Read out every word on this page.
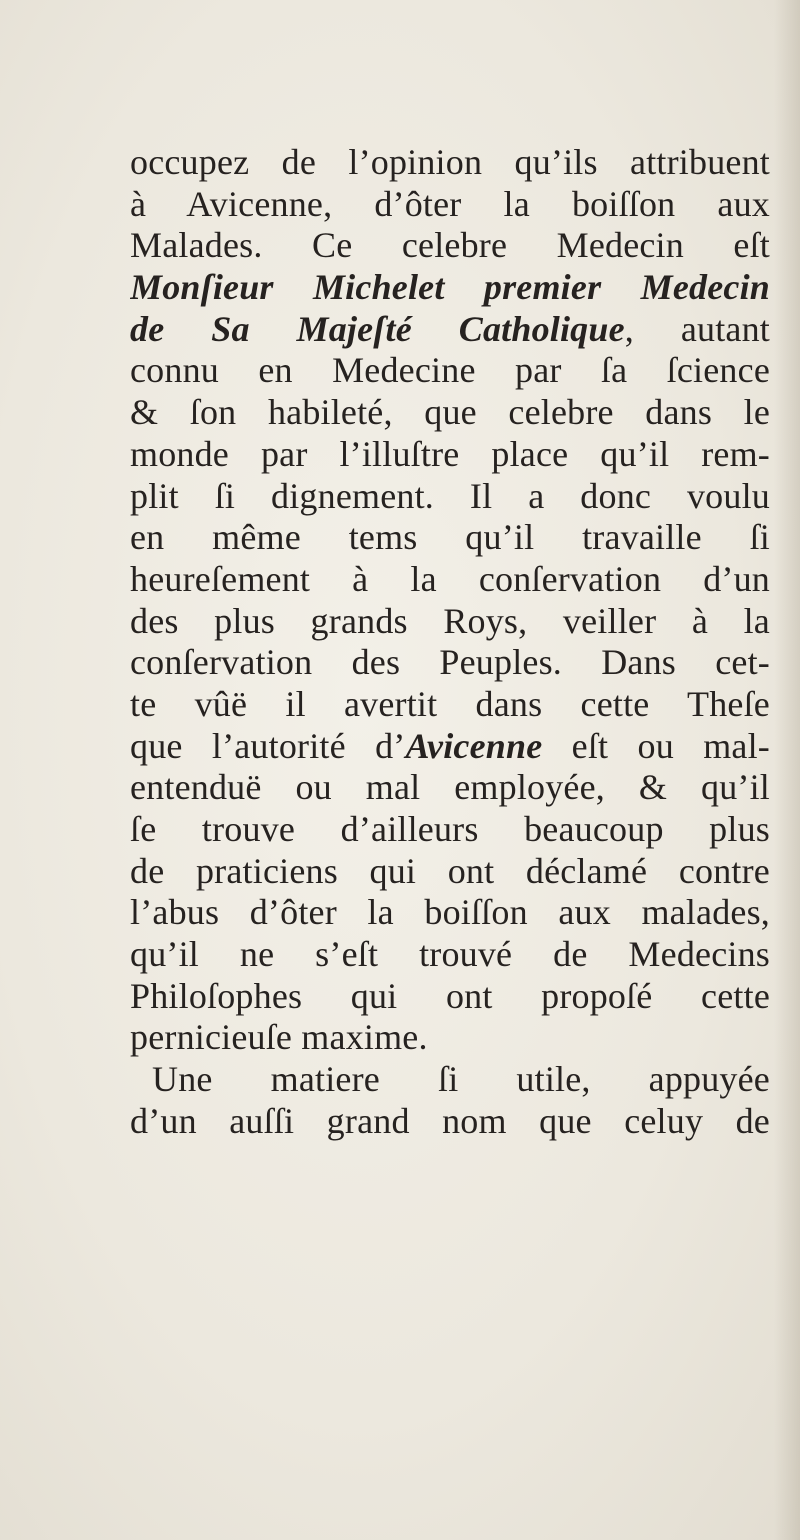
occupez de l’opinion qu’ils attribuent
à Avicenne, d’ôter la boiſſon aux
Malades. Ce celebre Medecin eſt
Monſieur Michelet premier Medecin
de Sa Majeſté Catholique, autant
connu en Medecine par ſa ſcience
& ſon habileté, que celebre dans le
monde par l’illuſtre place qu’il rem-
plit ſi dignement. Il a donc voulu
en même tems qu’il travaille ſi
heureſement à la conſervation d’un
des plus grands Roys, veiller à la
conſervation des Peuples. Dans cet-
te vûë il avertit dans cette Theſe
que l’autorité d’Avicenne eſt ou mal-
entenduë ou mal employée, & qu’il
ſe trouve d’ailleurs beaucoup plus
de praticiens qui ont déclamé contre
l’abus d’ôter la boiſſon aux malades,
qu’il ne s’eſt trouvé de Medecins
Philoſophes qui ont propoſé cette
pernicieuſe maxime.
Une matiere ſi utile, appuyée
d’un auſſi grand nom que celuy de
